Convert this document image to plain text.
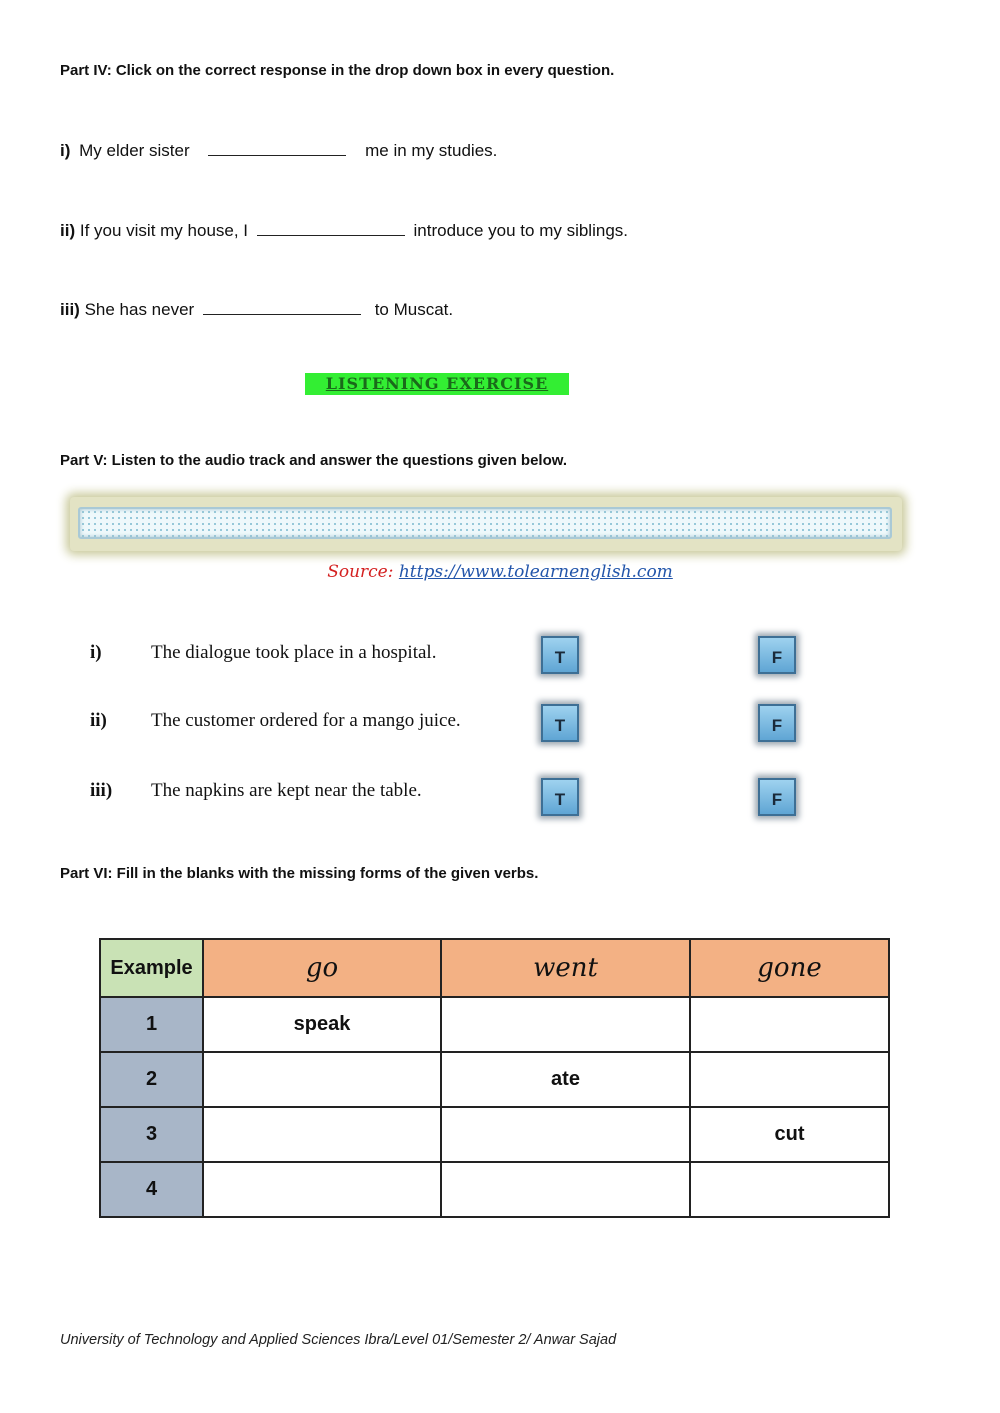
Part IV: Click on the correct response in the drop down box in every question.
i) My elder sister	me in my studies.
ii) If you visit my house, I	introduce you to my siblings.
iii) She has never	to Muscat.
LISTENING EXERCISE
Part V: Listen to the audio track and answer the questions given below.
Source: https://www.tolearnenglish.com
i)	The dialogue took place in a hospital.	T	F
ii) The customer ordered for a mango juice.	T	F
iii) The napkins are kept near the table.	T	F
Part VI: Fill in the blanks with the missing forms of the given verbs.
Example	go	went	gone
1	speak		
2		ate	
3			cut
4			
University of Technology and Applied Sciences Ibra/Level 01/Semester 2/ Anwar Sajad
